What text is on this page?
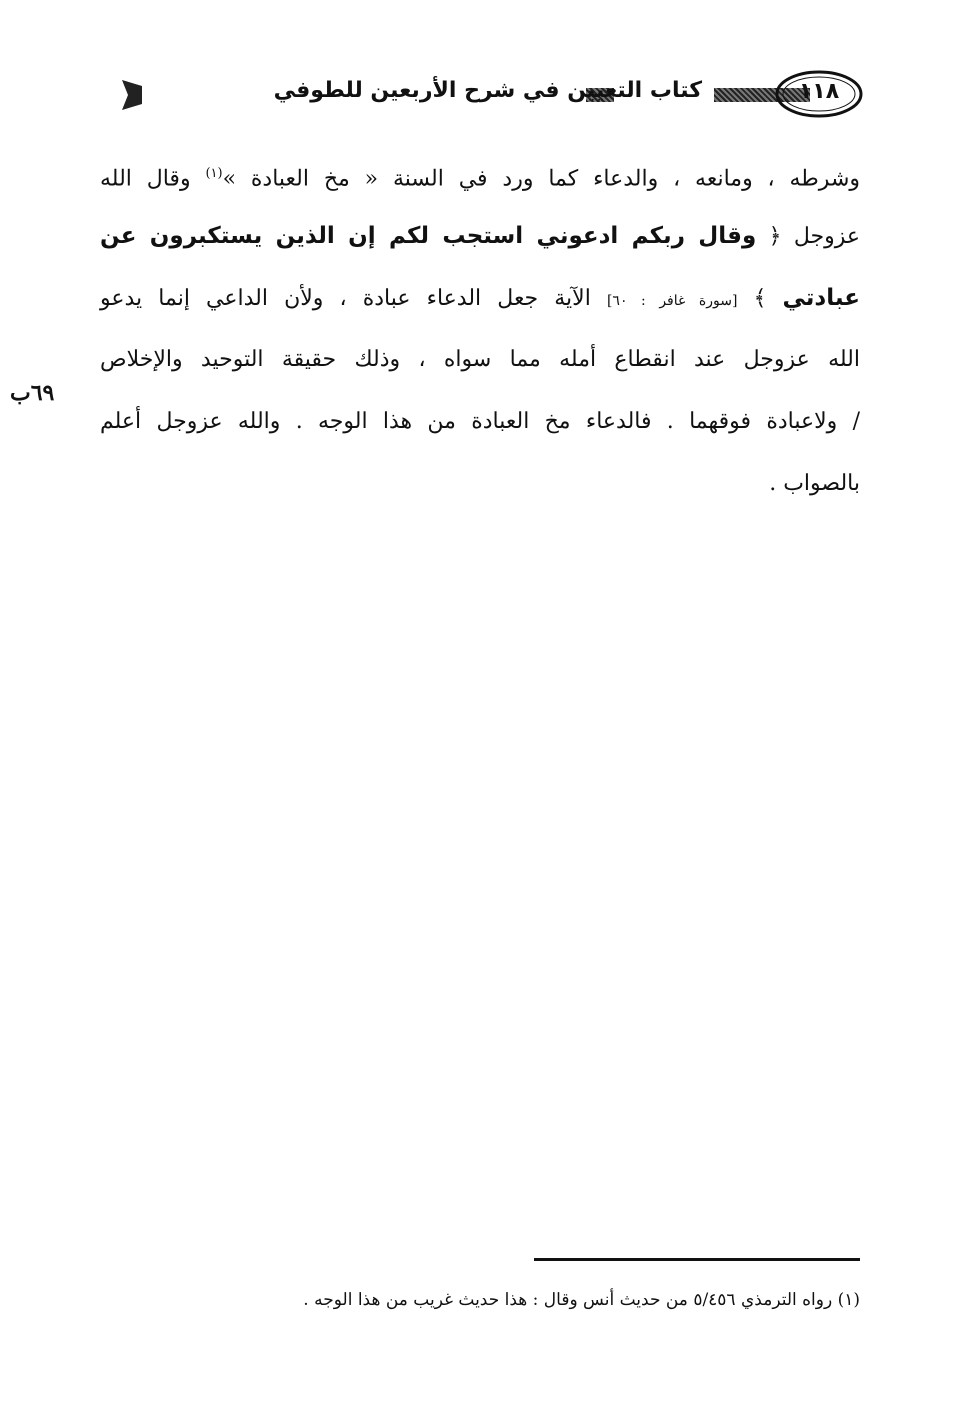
كتاب التعيين في شرح الأربعين للطوفي	١١٨
وشرطه ، ومانعه ، والدعاء كما ورد في السنة « مخ العبادة »$^{(١)}$ وقال الله
عزوجل ﴿ وقال ربكم ادعوني استجب لكم إن الذين يستكبرون عن
عبادتي ﴾ [سورة غافر : ٦٠] الآية جعل الدعاء عبادة ، ولأن الداعي إنما يدعو
الله عزوجل عند انقطاع أمله مما سواه ، وذلك حقيقة التوحيد والإخلاص
/ ولاعبادة فوقهما . فالدعاء مخ العبادة من هذا الوجه . والله عزوجل أعلم
بالصواب .
٦٩ب
(١) رواه الترمذي ٥/٤٥٦ من حديث أنس وقال : هذا حديث غريب من هذا الوجه .
